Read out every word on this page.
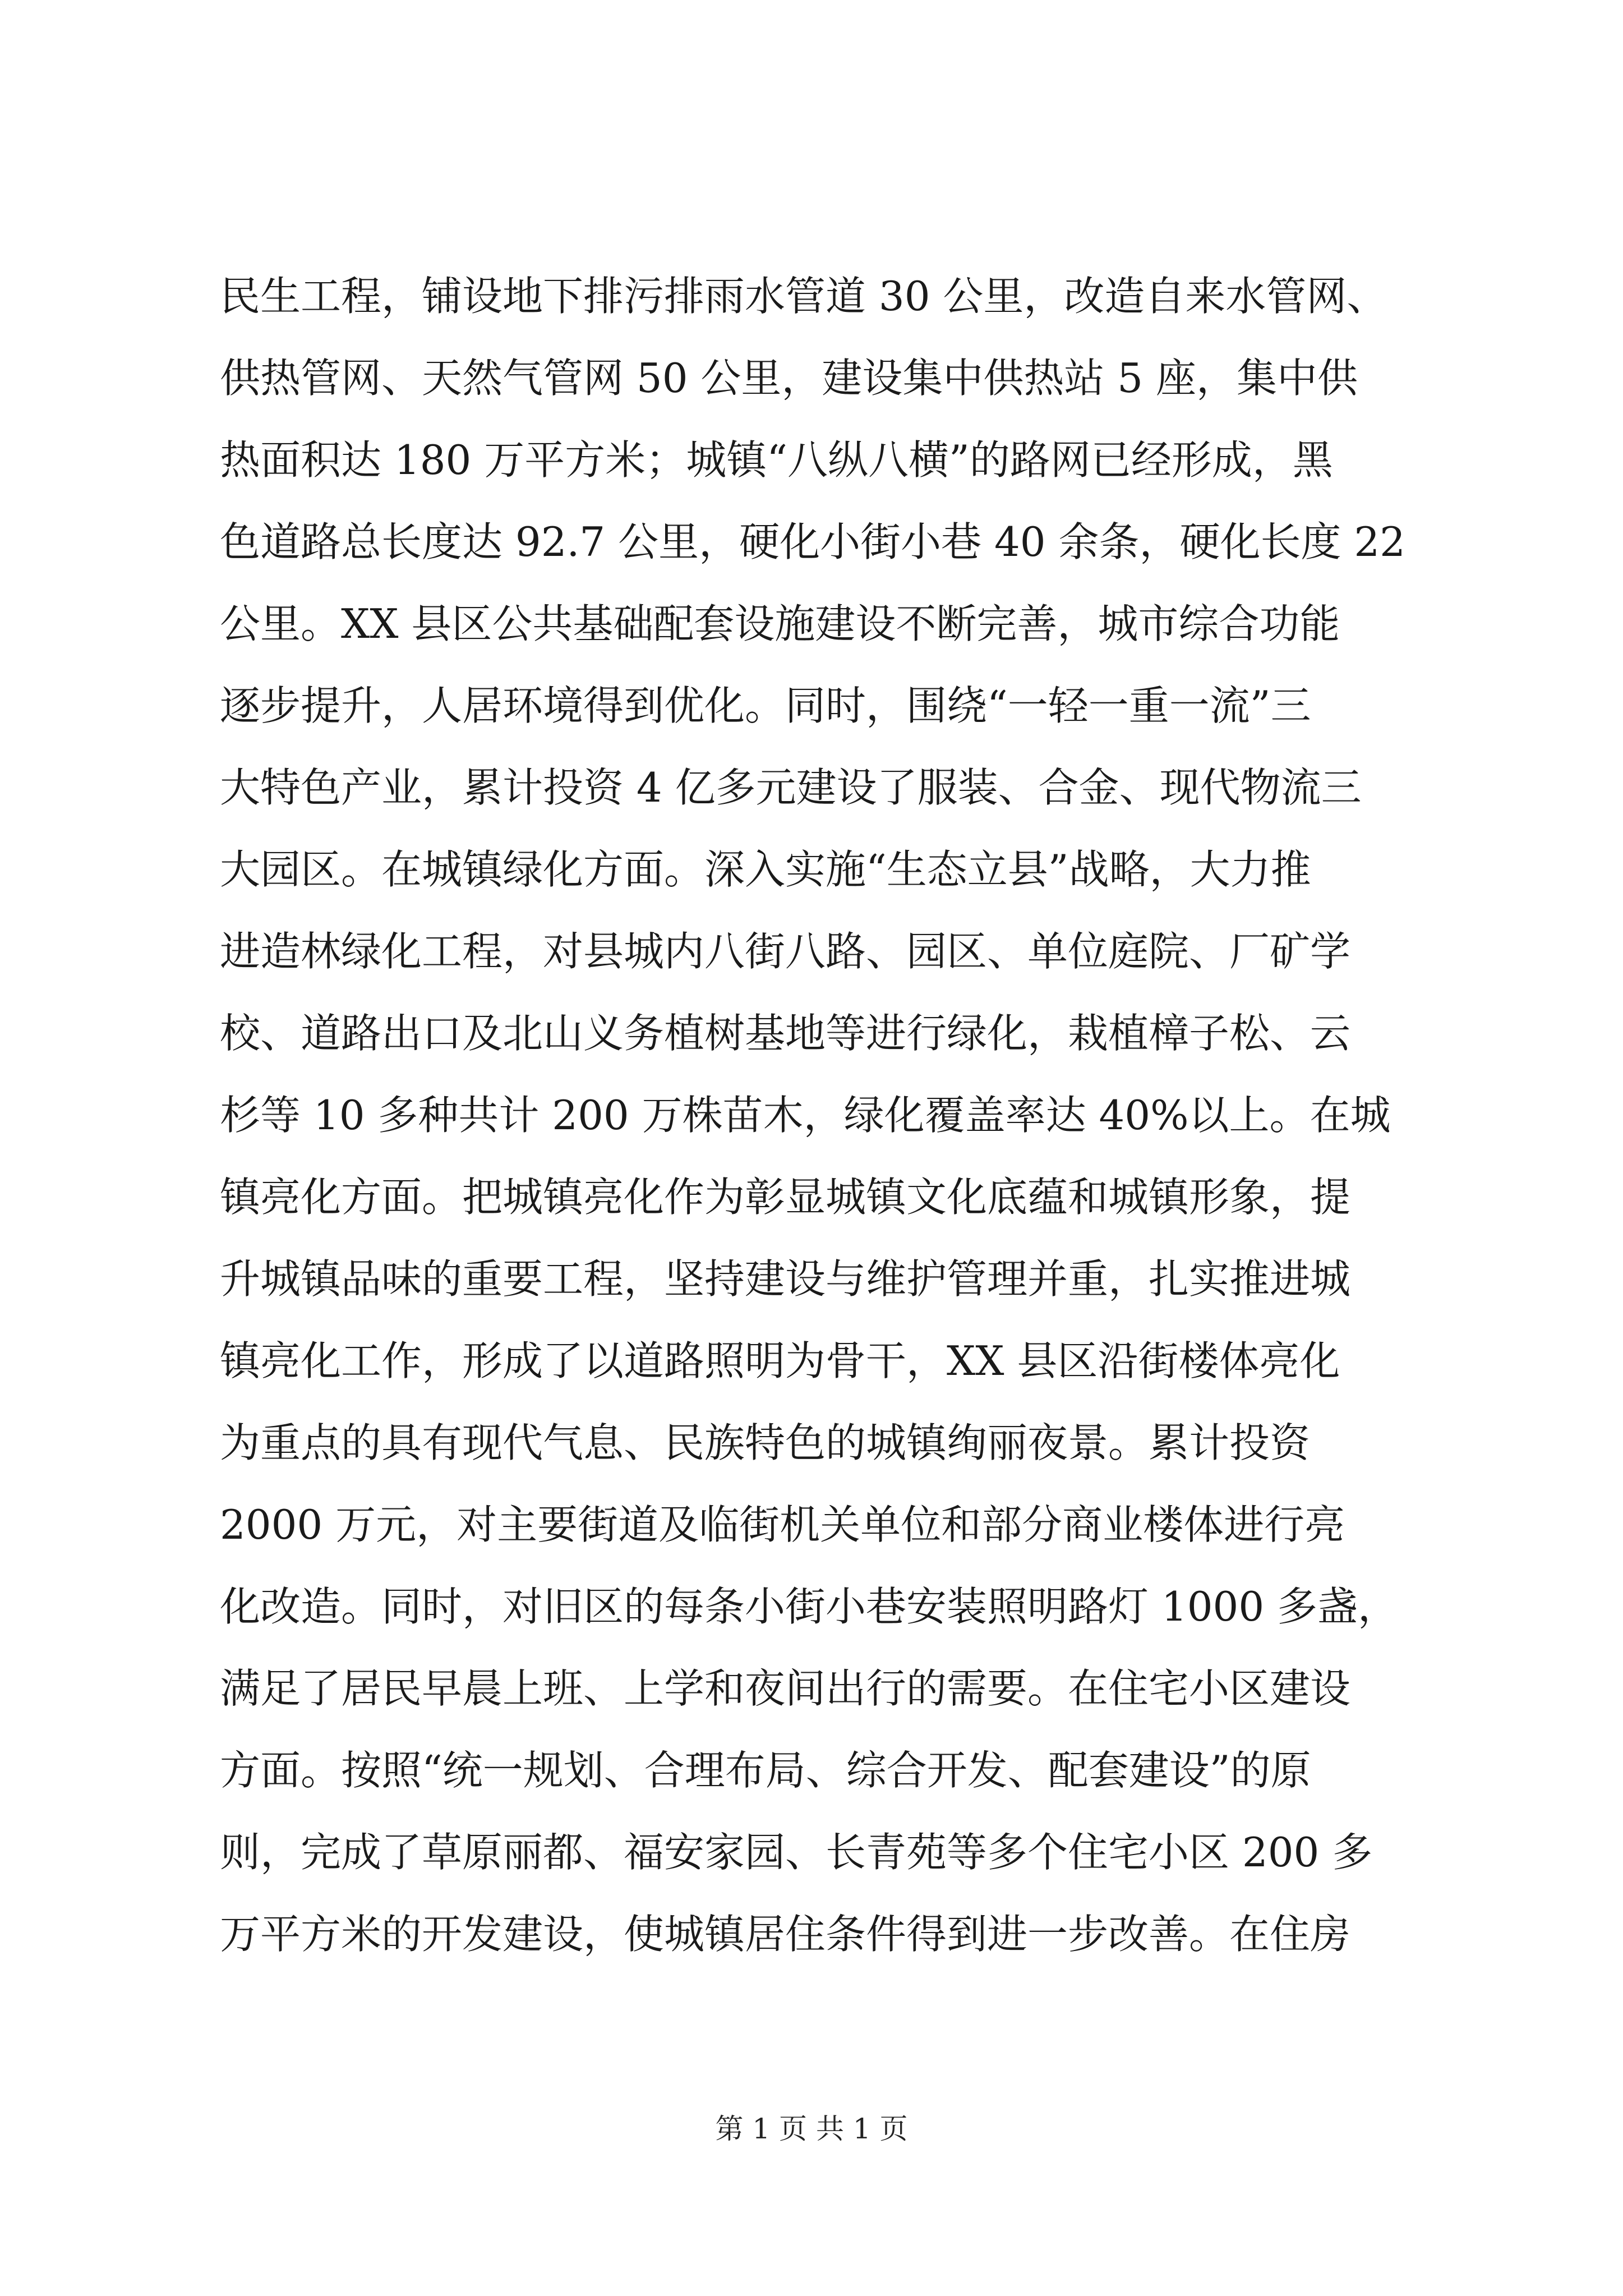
民生工程，铺设地下排污排雨水管道 30 公里，改造自来水管网、
供热管网、天然气管网 50 公里，建设集中供热站 5 座，集中供
热面积达 180 万平方米；城镇“八纵八横”的路网已经形成，黑
色道路总长度达 92.7 公里，硬化小街小巷 40 余条，硬化长度 22
公里。XX 县区公共基础配套设施建设不断完善，城市综合功能
逐步提升，人居环境得到优化。同时，围绕“一轻一重一流”三
大特色产业，累计投资 4 亿多元建设了服装、合金、现代物流三
大园区。在城镇绿化方面。深入实施“生态立县”战略，大力推
进造林绿化工程，对县城内八街八路、园区、单位庭院、厂矿学
校、道路出口及北山义务植树基地等进行绿化，栽植樟子松、云
杉等 10 多种共计 200 万株苗木，绿化覆盖率达 40%以上。在城
镇亮化方面。把城镇亮化作为彰显城镇文化底蕴和城镇形象，提
升城镇品味的重要工程，坚持建设与维护管理并重，扎实推进城
镇亮化工作，形成了以道路照明为骨干，XX 县区沿街楼体亮化
为重点的具有现代气息、民族特色的城镇绚丽夜景。累计投资
2000 万元，对主要街道及临街机关单位和部分商业楼体进行亮
化改造。同时，对旧区的每条小街小巷安装照明路灯 1000 多盏，
满足了居民早晨上班、上学和夜间出行的需要。在住宅小区建设
方面。按照“统一规划、合理布局、综合开发、配套建设”的原
则，完成了草原丽都、福安家园、长青苑等多个住宅小区 200 多
万平方米的开发建设，使城镇居住条件得到进一步改善。在住房
第 1 页 共 1 页
